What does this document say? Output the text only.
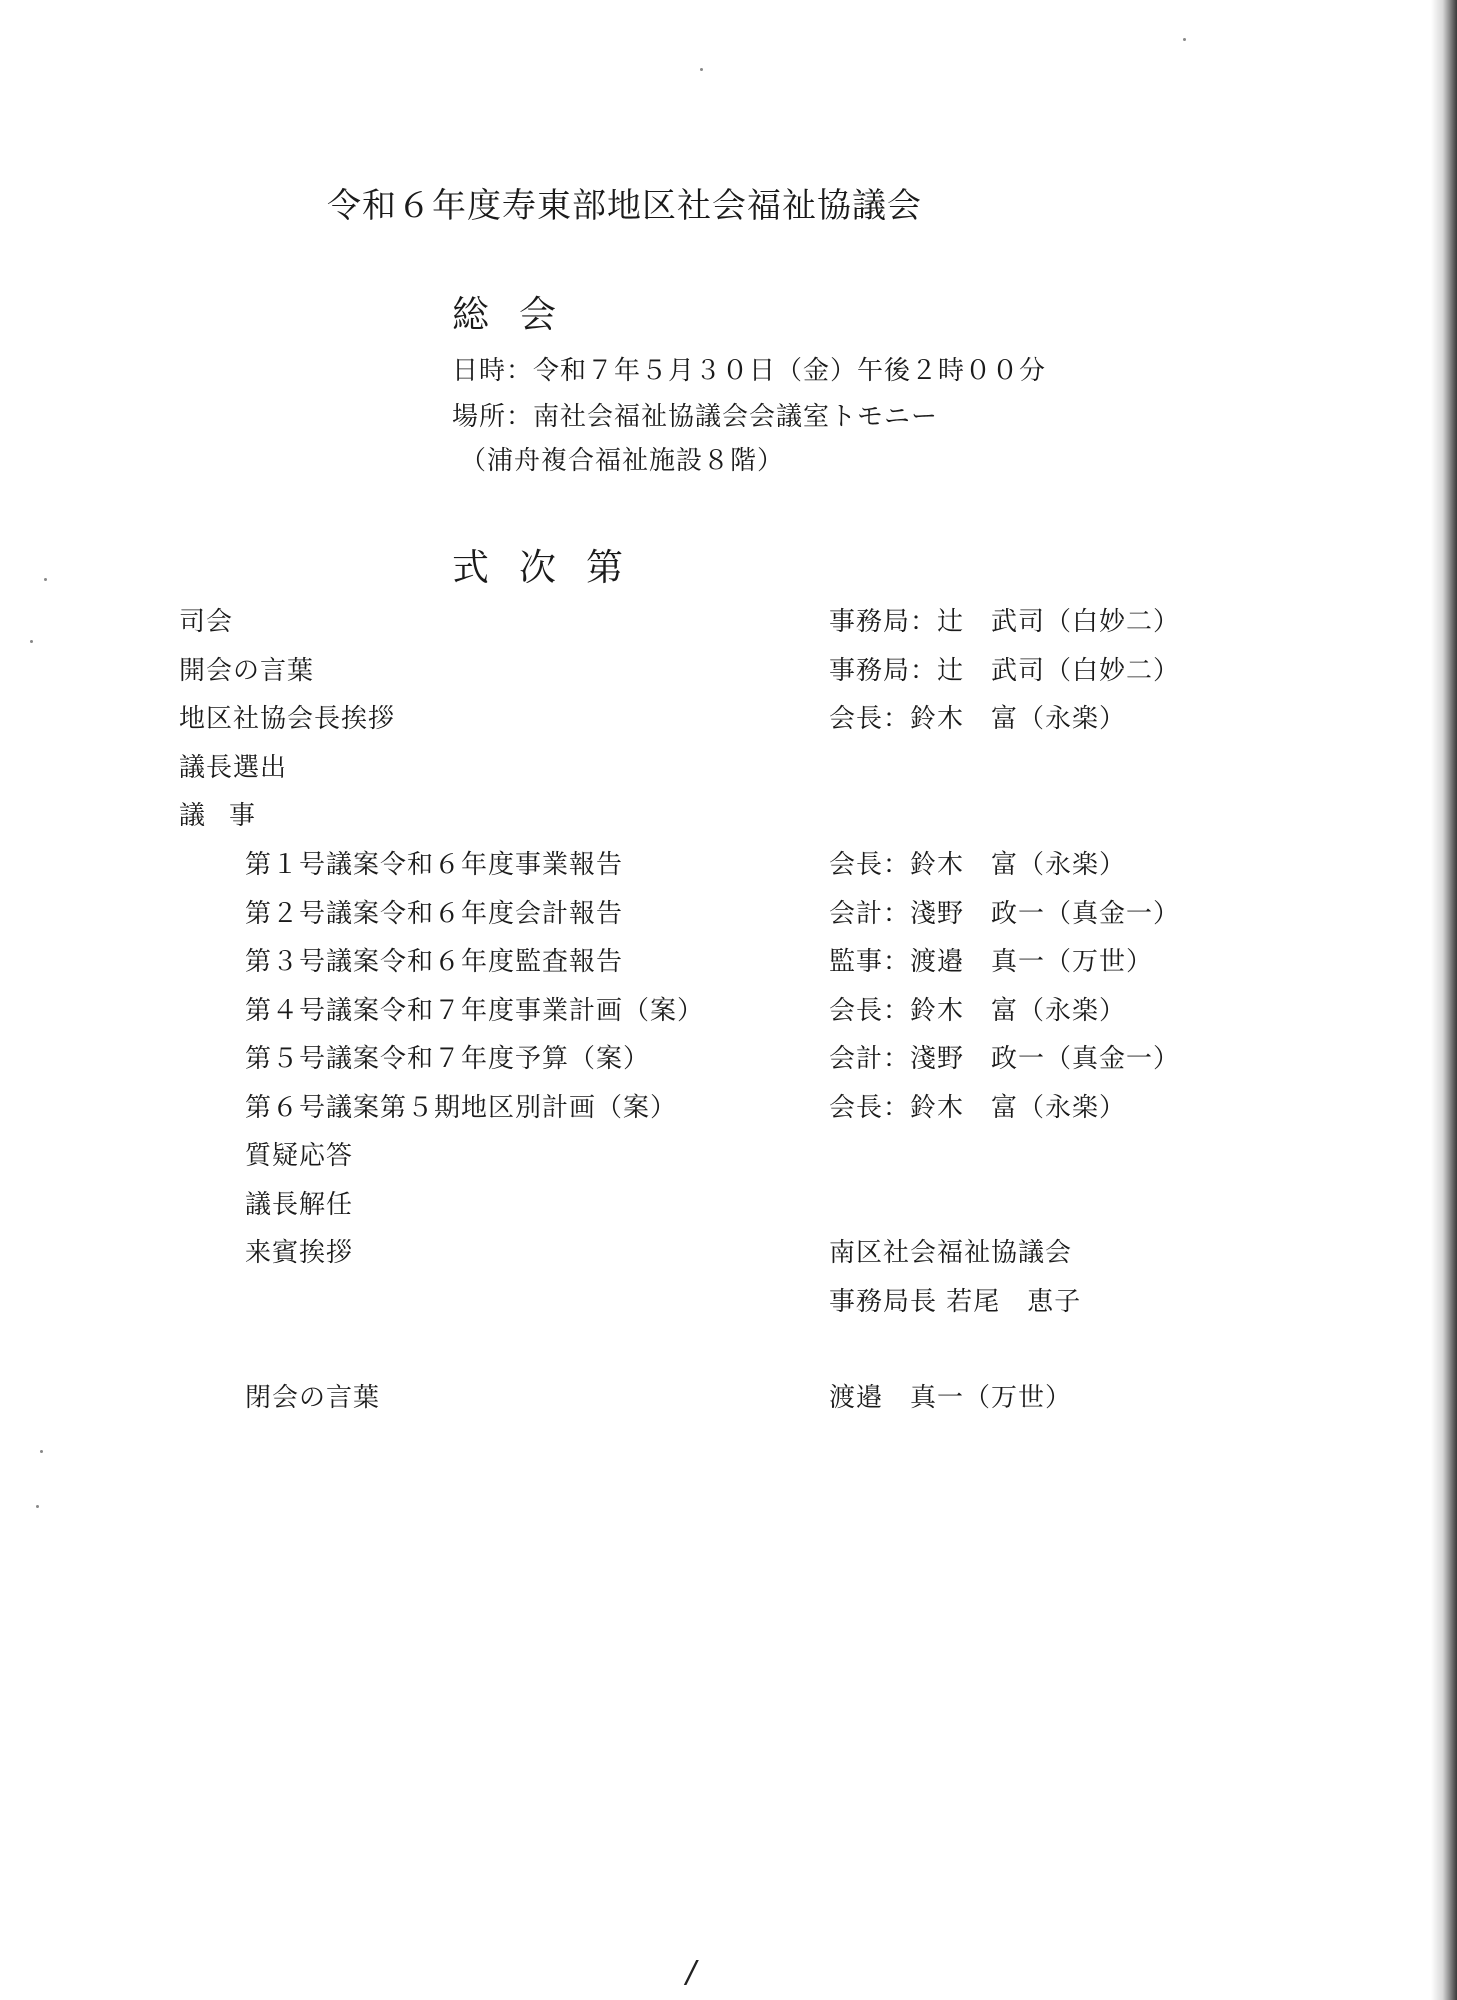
令和６年度寿東部地区社会福祉協議会
総会
日時：令和７年５月３０日（金）午後２時００分
場所：南社会福祉協議会会議室トモニー
（浦舟複合福祉施設８階）
式次第
司会	事務局：辻　武司（白妙二）
開会の言葉	事務局：辻　武司（白妙二）
地区社協会長挨拶	会長：鈴木　富（永楽）
議長選出
議事
第１号議案令和６年度事業報告	会長：鈴木　富（永楽）
第２号議案令和６年度会計報告	会計：淺野　政一（真金一）
第３号議案令和６年度監査報告	監事：渡邉　真一（万世）
第４号議案令和７年度事業計画（案）	会長：鈴木　富（永楽）
第５号議案令和７年度予算（案）	会計：淺野　政一（真金一）
第６号議案第５期地区別計画（案）	会長：鈴木　富（永楽）
質疑応答
議長解任
来賓挨拶	南区社会福祉協議会
事務局長 若尾　恵子
閉会の言葉	渡邉　真一（万世）
/
